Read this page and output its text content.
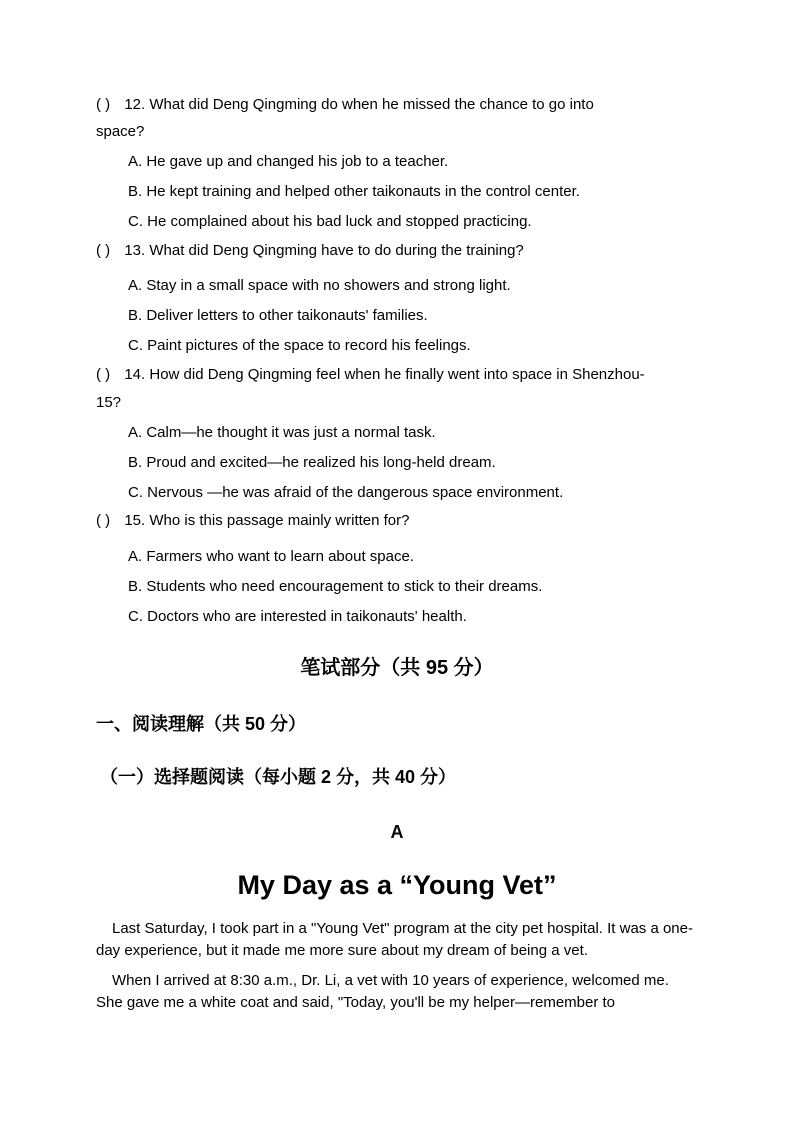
( ) 12. What did Deng Qingming do when he missed the chance to go into
space?
A. He gave up and changed his job to a teacher.
B. He kept training and helped other taikonauts in the control center.
C. He complained about his bad luck and stopped practicing.
( ) 13. What did Deng Qingming have to do during the training?
A. Stay in a small space with no showers and strong light.
B. Deliver letters to other taikonauts' families.
C. Paint pictures of the space to record his feelings.
( ) 14. How did Deng Qingming feel when he finally went into space in Shenzhou-
15?
A. Calm—he thought it was just a normal task.
B. Proud and excited—he realized his long-held dream.
C. Nervous —he was afraid of the dangerous space environment.
( ) 15. Who is this passage mainly written for?
A. Farmers who want to learn about space.
B. Students who need encouragement to stick to their dreams.
C. Doctors who are interested in taikonauts' health.
笔试部分（共 95 分）
一、阅读理解（共 50 分）
（一）选择题阅读（每小题 2 分，共 40 分）
A
My Day as a “Young Vet”
Last Saturday, I took part in a "Young Vet" program at the city pet hospital. It was a one-day experience, but it made me more sure about my dream of being a vet.
When I arrived at 8:30 a.m., Dr. Li, a vet with 10 years of experience, welcomed me. She gave me a white coat and said, "Today, you'll be my helper—remember to
